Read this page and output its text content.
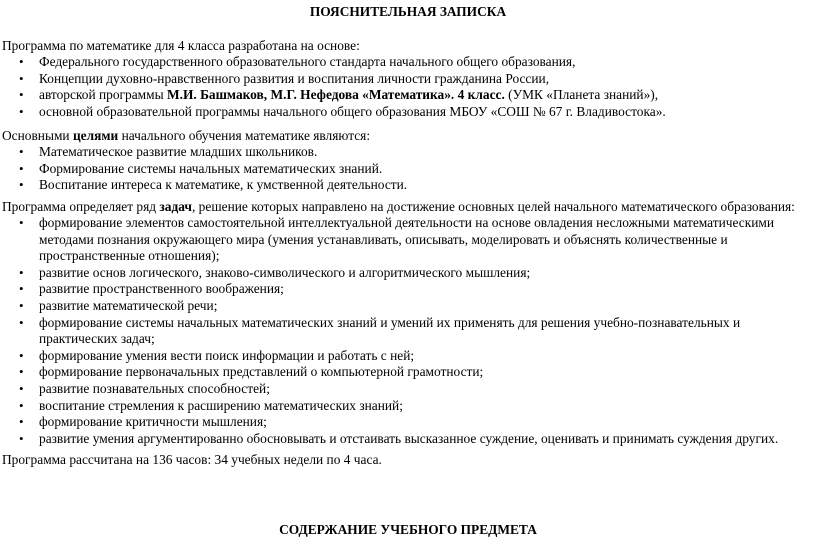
ПОЯСНИТЕЛЬНАЯ ЗАПИСКА
Программа по математике для 4 класса разработана на основе:
• Федерального государственного образовательного стандарта начального общего образования,
• Концепции духовно-нравственного развития и воспитания личности гражданина России,
• авторской программы М.И. Башмаков, М.Г. Нефедова «Математика». 4 класс. (УМК «Планета знаний»),
• основной образовательной программы начального общего образования МБОУ «СОШ № 67 г. Владивостока».
Основными целями начального обучения математике являются:
• Математическое развитие младших школьников.
• Формирование системы начальных математических знаний.
• Воспитание интереса к математике, к умственной деятельности.
Программа определяет ряд задач, решение которых направлено на достижение основных целей начального математического образования:
• формирование элементов самостоятельной интеллектуальной деятельности на основе овладения несложными математическими методами познания окружающего мира (умения устанавливать, описывать, моделировать и объяснять количественные и пространственные отношения);
• развитие основ логического, знаково-символического и алгоритмического мышления;
• развитие пространственного воображения;
• развитие математической речи;
• формирование системы начальных математических знаний и умений их применять для решения учебно-познавательных и практических задач;
• формирование умения вести поиск информации и работать с ней;
• формирование первоначальных представлений о компьютерной грамотности;
• развитие познавательных способностей;
• воспитание стремления к расширению математических знаний;
• формирование критичности мышления;
• развитие умения аргументированно обосновывать и отстаивать высказанное суждение, оценивать и принимать суждения других.
Программа рассчитана на 136 часов: 34 учебных недели по 4 часа.
СОДЕРЖАНИЕ УЧЕБНОГО ПРЕДМЕТА
